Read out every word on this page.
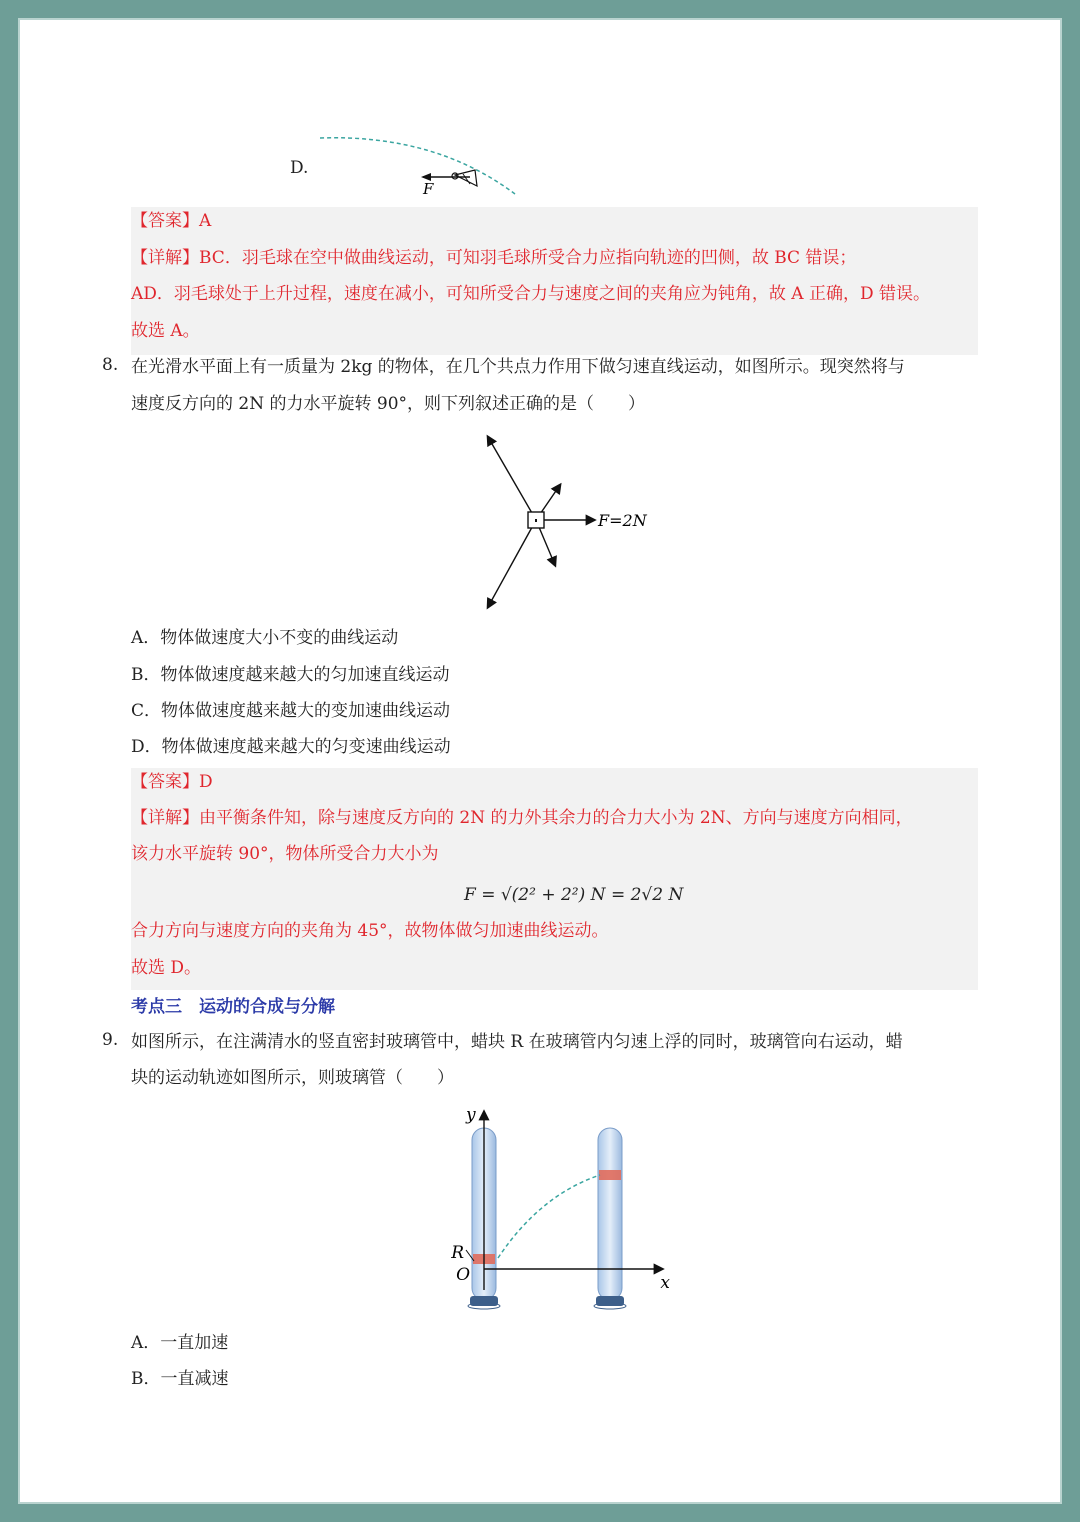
D.
F
【答案】A
【详解】BC．羽毛球在空中做曲线运动，可知羽毛球所受合力应指向轨迹的凹侧，故 BC 错误；
AD．羽毛球处于上升过程，速度在减小，可知所受合力与速度之间的夹角应为钝角，故 A 正确，D 错误。
故选 A。
8. 在光滑水平面上有一质量为 2kg 的物体，在几个共点力作用下做匀速直线运动，如图所示。现突然将与
速度反方向的 2N 的力水平旋转 90°，则下列叙述正确的是（　　）
F=2N
A．物体做速度大小不变的曲线运动
B．物体做速度越来越大的匀加速直线运动
C．物体做速度越来越大的变加速曲线运动
D．物体做速度越来越大的匀变速曲线运动
【答案】D
【详解】由平衡条件知，除与速度反方向的 2N 的力外其余力的合力大小为 2N、方向与速度方向相同，
该力水平旋转 90°，物体所受合力大小为
F = √(2² + 2²) N = 2√2 N
合力方向与速度方向的夹角为 45°，故物体做匀加速曲线运动。
故选 D。
考点三　运动的合成与分解
9. 如图所示，在注满清水的竖直密封玻璃管中，蜡块 R 在玻璃管内匀速上浮的同时，玻璃管向右运动，蜡
块的运动轨迹如图所示，则玻璃管（　　）
y
x
R
O
A．一直加速
B．一直减速
